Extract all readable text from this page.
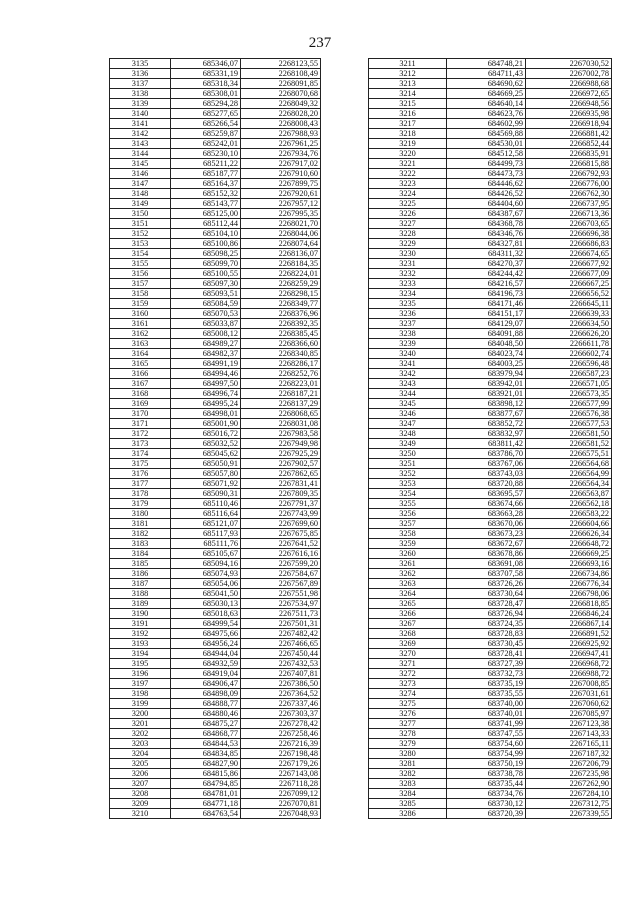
237
3135	685346,07	2268123,55
3136	685331,19	2268108,49
3137	685318,34	2268091,85
3138	685308,01	2268070,68
3139	685294,28	2268049,32
3140	685277,65	2268028,20
3141	685266,54	2268008,43
3142	685259,87	2267988,93
3143	685242,01	2267961,25
3144	685230,10	2267934,76
3145	685211,22	2267917,02
3146	685187,77	2267910,60
3147	685164,37	2267899,75
3148	685152,32	2267920,61
3149	685143,77	2267957,12
3150	685125,00	2267995,35
3151	685112,44	2268021,70
3152	685104,10	2268044,06
3153	685100,86	2268074,64
3154	685098,25	2268136,07
3155	685099,70	2268184,35
3156	685100,55	2268224,01
3157	685097,30	2268259,29
3158	685093,51	2268298,15
3159	685084,59	2268349,77
3160	685070,53	2268376,96
3161	685033,87	2268392,35
3162	685008,12	2268385,45
3163	684989,27	2268366,60
3164	684982,37	2268340,85
3165	684991,19	2268286,17
3166	684994,46	2268252,76
3167	684997,50	2268223,01
3168	684996,74	2268187,21
3169	684995,24	2268137,29
3170	684998,01	2268068,65
3171	685001,90	2268031,08
3172	685016,72	2267983,58
3173	685032,52	2267949,98
3174	685045,62	2267925,29
3175	685050,91	2267902,57
3176	685057,80	2267862,65
3177	685071,92	2267831,41
3178	685090,31	2267809,35
3179	685110,46	2267791,37
3180	685116,64	2267743,99
3181	685121,07	2267699,60
3182	685117,93	2267675,85
3183	685111,76	2267641,52
3184	685105,67	2267616,16
3185	685094,16	2267599,20
3186	685074,93	2267584,67
3187	685054,06	2267567,89
3188	685041,50	2267551,98
3189	685030,13	2267534,97
3190	685018,63	2267511,73
3191	684999,54	2267501,31
3192	684975,66	2267482,42
3193	684956,24	2267466,65
3194	684944,04	2267450,44
3195	684932,59	2267432,53
3196	684919,04	2267407,81
3197	684906,47	2267386,50
3198	684898,09	2267364,52
3199	684888,77	2267337,46
3200	684880,46	2267303,37
3201	684875,27	2267278,42
3202	684868,77	2267258,46
3203	684844,53	2267216,39
3204	684834,85	2267198,48
3205	684827,90	2267179,26
3206	684815,86	2267143,08
3207	684794,85	2267118,28
3208	684781,01	2267099,12
3209	684771,18	2267070,81
3210	684763,54	2267048,93
3211	684748,21	2267030,52
3212	684711,43	2267002,78
3213	684690,62	2266988,68
3214	684669,25	2266972,65
3215	684640,14	2266948,56
3216	684623,76	2266935,98
3217	684602,99	2266918,94
3218	684569,88	2266881,42
3219	684530,01	2266852,44
3220	684512,58	2266835,91
3221	684499,73	2266815,88
3222	684473,73	2266792,93
3223	684446,62	2266776,00
3224	684426,52	2266762,30
3225	684404,60	2266737,95
3226	684387,67	2266713,36
3227	684368,78	2266703,65
3228	684346,76	2266696,38
3229	684327,81	2266686,83
3230	684311,32	2266674,65
3231	684270,37	2266677,92
3232	684244,42	2266677,09
3233	684216,57	2266667,25
3234	684196,73	2266656,52
3235	684171,46	2266645,11
3236	684151,17	2266639,33
3237	684129,07	2266634,50
3238	684091,88	2266626,20
3239	684048,50	2266611,78
3240	684023,74	2266602,74
3241	684003,25	2266596,48
3242	683979,94	2266587,23
3243	683942,01	2266571,05
3244	683921,01	2266573,35
3245	683898,12	2266577,99
3246	683877,67	2266576,38
3247	683852,72	2266577,53
3248	683832,97	2266581,50
3249	683811,42	2266581,52
3250	683786,70	2266575,51
3251	683767,06	2266564,68
3252	683743,03	2266564,99
3253	683720,88	2266564,34
3254	683695,57	2266563,87
3255	683674,66	2266562,18
3256	683663,28	2266583,22
3257	683670,06	2266604,66
3258	683673,23	2266626,34
3259	683672,67	2266648,72
3260	683678,86	2266669,25
3261	683691,08	2266693,16
3262	683707,58	2266734,86
3263	683726,26	2266776,34
3264	683730,64	2266798,06
3265	683728,47	2266818,85
3266	683726,94	2266846,24
3267	683724,35	2266867,14
3268	683728,83	2266891,52
3269	683730,45	2266925,92
3270	683728,41	2266947,41
3271	683727,39	2266968,72
3272	683732,73	2266988,72
3273	683735,19	2267008,85
3274	683735,55	2267031,61
3275	683740,00	2267060,62
3276	683740,01	2267085,97
3277	683741,99	2267123,38
3278	683747,55	2267143,33
3279	683754,60	2267165,11
3280	683754,99	2267187,32
3281	683750,19	2267206,79
3282	683738,78	2267235,98
3283	683735,44	2267262,90
3284	683734,76	2267284,10
3285	683730,12	2267312,75
3286	683720,39	2267339,55
